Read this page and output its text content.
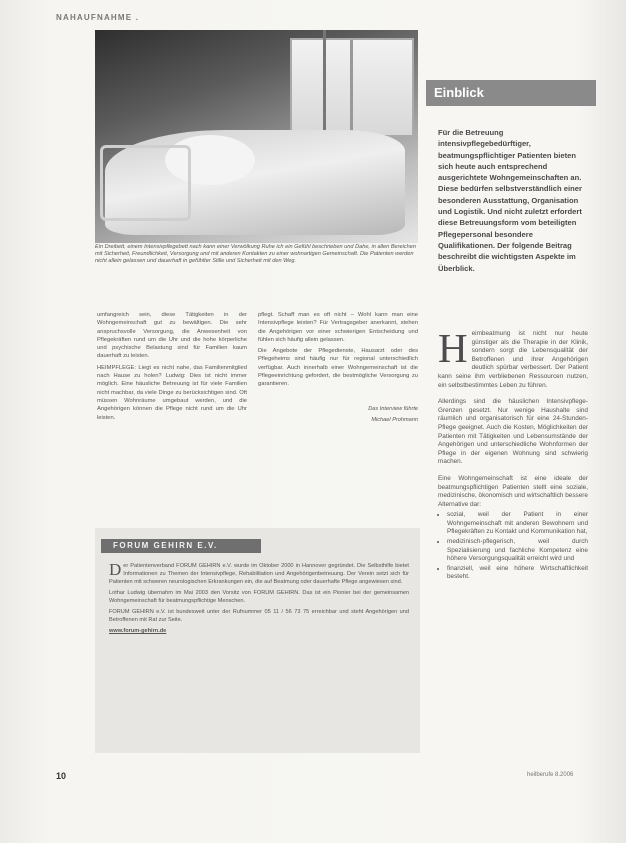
NAHAUFNAHME .
Ein Dreibett, einem Intensivpflegebett nach kann einer Verwölkung Ruhe ich ein Gefühl beschrieben und Dahe, in allen Bereichen mit Sicherheit, Freundlichkeit, Versorgung und mit anderen Kontakten zu einer wohnartigen Gemeinschaft. Die Patienten werden nicht allein gelassen und dauerhaft in gefühlter Stille und Sicherheit mit den Weg.

umfangreich sein, diese Tätigkeiten in der Wohngemeinschaft gut zu bewältigen. Die sehr anspruchsvolle Versorgung, die Anwesenheit von Pflegekräften rund um die Uhr und die hohe körperliche und psychische Belastung sind für Familien kaum dauerhaft zu leisten.

HEIMPFLEGE: Liegt es nicht nahe, das Familienmitglied nach Hause zu holen? Ludwig: Dies ist nicht immer möglich. Eine häusliche Betreuung ist für viele Familien nicht machbar, da viele Dinge zu berücksichtigen sind. Oft müssen Wohnräume umgebaut werden, und die Angehörigen können die Pflege nicht rund um die Uhr leisten.

pflegt. Schaff man es oft nicht – Wohl kann man eine Intensivpflege leisten? Für Vertragsgeber anerkannt, stehen die Angehörigen vor einer schwierigen Entscheidung und fühlen sich häufig allein gelassen.

Die Angebote der Pflegedienste, Hausarzt oder des Pflegeheims sind häufig nur für regional unterschiedlich verfügbar. Auch innerhalb einer Wohngemeinschaft ist die Pflegeeinrichtung gefordert, die bestmögliche Versorgung zu garantieren.

Das Interview führte

Michael Prohmann

FORUM GEHIRN E.V.

Der Patientenverband FORUM GEHIRN e.V. wurde im Oktober 2000 in Hannover gegründet. Die Selbsthilfe bietet Informationen zu Themen der Intensivpflege, Rehabilitation und Angehörigenbetreuung. Der Verein setzt sich für Patienten mit schweren neurologischen Erkrankungen ein, die auf Beatmung oder dauerhafte Pflege angewiesen sind.

Lothar Ludwig übernahm im Mai 2003 den Vorsitz von FORUM GEHIRN. Das ist ein Pionier bei der gemeinsamen Wohngemeinschaft für beatmungspflichtige Menschen.

FORUM GEHIRN e.V. ist bundesweit unter der Rufnummer 05 11 / 56 73 75 erreichbar und steht Angehörigen und Betroffenen mit Rat zur Seite.

www.forum-gehirn.de

Einblick
Für die Betreuung intensivpflegebedürftiger, beatmungspflichtiger Patienten bieten sich heute auch entsprechend ausgerichtete Wohngemeinschaften an. Diese bedürfen selbstverständlich einer besonderen Ausstattung, Organisation und Logistik. Und nicht zuletzt erfordert diese Betreuungsform vom beteiligten Pflegepersonal besondere Qualifikationen. Der folgende Beitrag beschreibt die wichtigsten Aspekte im Überblick.

Heimbeatmung ist nicht nur heute günstiger als die Therapie in der Klinik, sondern sorgt die Lebensqualität der Betroffenen und ihrer Angehörigen deutlich spürbar verbessert. Der Patient kann seine ihm verbliebenen Ressourcen nutzen, ein selbstbestimmtes Leben zu führen.

Allerdings sind die häuslichen Intensivpflege-Grenzen gesetzt. Nur wenige Haushalte sind räumlich und organisatorisch für eine 24-Stunden-Pflege geeignet. Auch die Kosten, Möglichkeiten der Patienten mit Tätigkeiten und Lebensumstände der Angehörigen und unterschiedliche Wohnformen der Pflege in der eigenen Wohnung sind schwierig machen.

Eine Wohngemeinschaft ist eine ideale der beatmungspflichtigen Patienten stellt eine soziale, medizinische, ökonomisch und wirtschaftlich bessere Alternative dar:

• sozial, weil der Patient in einer Wohngemeinschaft mit anderen Bewohnern und Pflegekräften zu Kontakt und Kommunikation hat,
• medizinisch-pflegerisch, weil durch Spezialisierung und fachliche Kompetenz eine höhere Versorgungsqualität erreicht wird und
• finanziell, weil eine höhere Wirtschaftlichkeit besteht.
10	heilberufe 8.2006
